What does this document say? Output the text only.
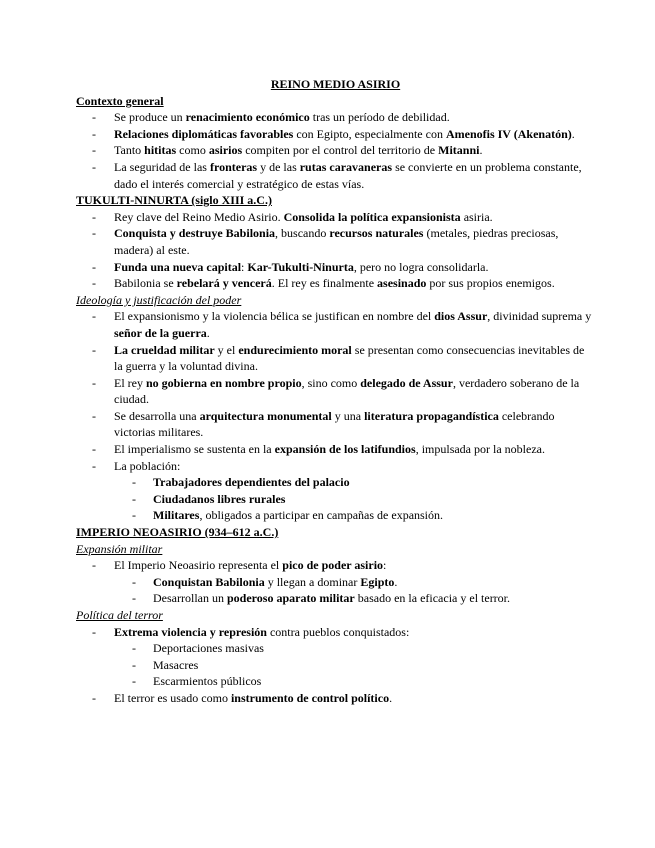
REINO MEDIO ASIRIO
Contexto general
- Se produce un renacimiento económico tras un período de debilidad.
- Relaciones diplomáticas favorables con Egipto, especialmente con Amenofis IV (Akenatón).
- Tanto hititas como asirios compiten por el control del territorio de Mitanni.
- La seguridad de las fronteras y de las rutas caravaneras se convierte en un problema constante, dado el interés comercial y estratégico de estas vías.
TUKULTI-NINURTA (siglo XIII a.C.)
- Rey clave del Reino Medio Asirio. Consolida la política expansionista asiria.
- Conquista y destruye Babilonia, buscando recursos naturales (metales, piedras preciosas, madera) al este.
- Funda una nueva capital: Kar-Tukulti-Ninurta, pero no logra consolidarla.
- Babilonia se rebelará y vencerá. El rey es finalmente asesinado por sus propios enemigos.
Ideología y justificación del poder
- El expansionismo y la violencia bélica se justifican en nombre del dios Assur, divinidad suprema y señor de la guerra.
- La crueldad militar y el endurecimiento moral se presentan como consecuencias inevitables de la guerra y la voluntad divina.
- El rey no gobierna en nombre propio, sino como delegado de Assur, verdadero soberano de la ciudad.
- Se desarrolla una arquitectura monumental y una literatura propagandística celebrando victorias militares.
- El imperialismo se sustenta en la expansión de los latifundios, impulsada por la nobleza.
- La población:
- Trabajadores dependientes del palacio
- Ciudadanos libres rurales
- Militares, obligados a participar en campañas de expansión.
IMPERIO NEOASIRIO (934–612 a.C.)
Expansión militar
- El Imperio Neoasirio representa el pico de poder asirio:
- Conquistan Babilonia y llegan a dominar Egipto.
- Desarrollan un poderoso aparato militar basado en la eficacia y el terror.
Política del terror
- Extrema violencia y represión contra pueblos conquistados:
- Deportaciones masivas
- Masacres
- Escarmientos públicos
- El terror es usado como instrumento de control político.
